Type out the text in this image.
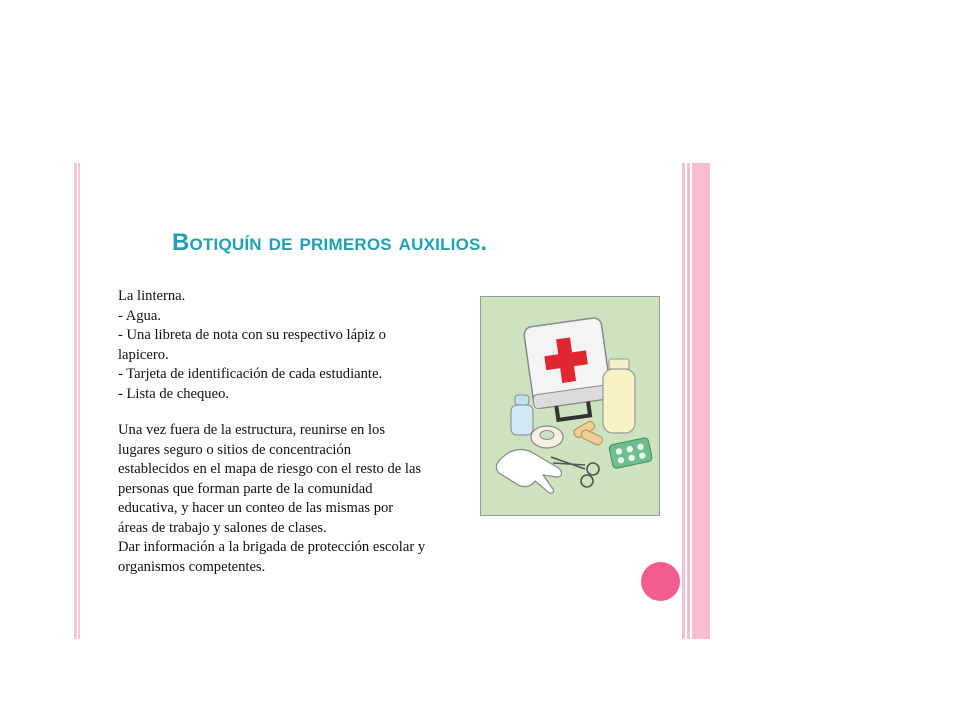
Botiquín de primeros auxilios.
La linterna.
- Agua.
- Una libreta de nota con su respectivo lápiz o
lapicero.
- Tarjeta de identificación de cada estudiante.
- Lista de chequeo.
Una vez fuera de la estructura, reunirse en los
lugares seguro o sitios de concentración
establecidos en el mapa de riesgo con el resto de las
personas que forman parte de la comunidad
educativa, y hacer un conteo de las mismas por
áreas de trabajo y salones de clases.
Dar información a la brigada de protección escolar y
organismos competentes.
